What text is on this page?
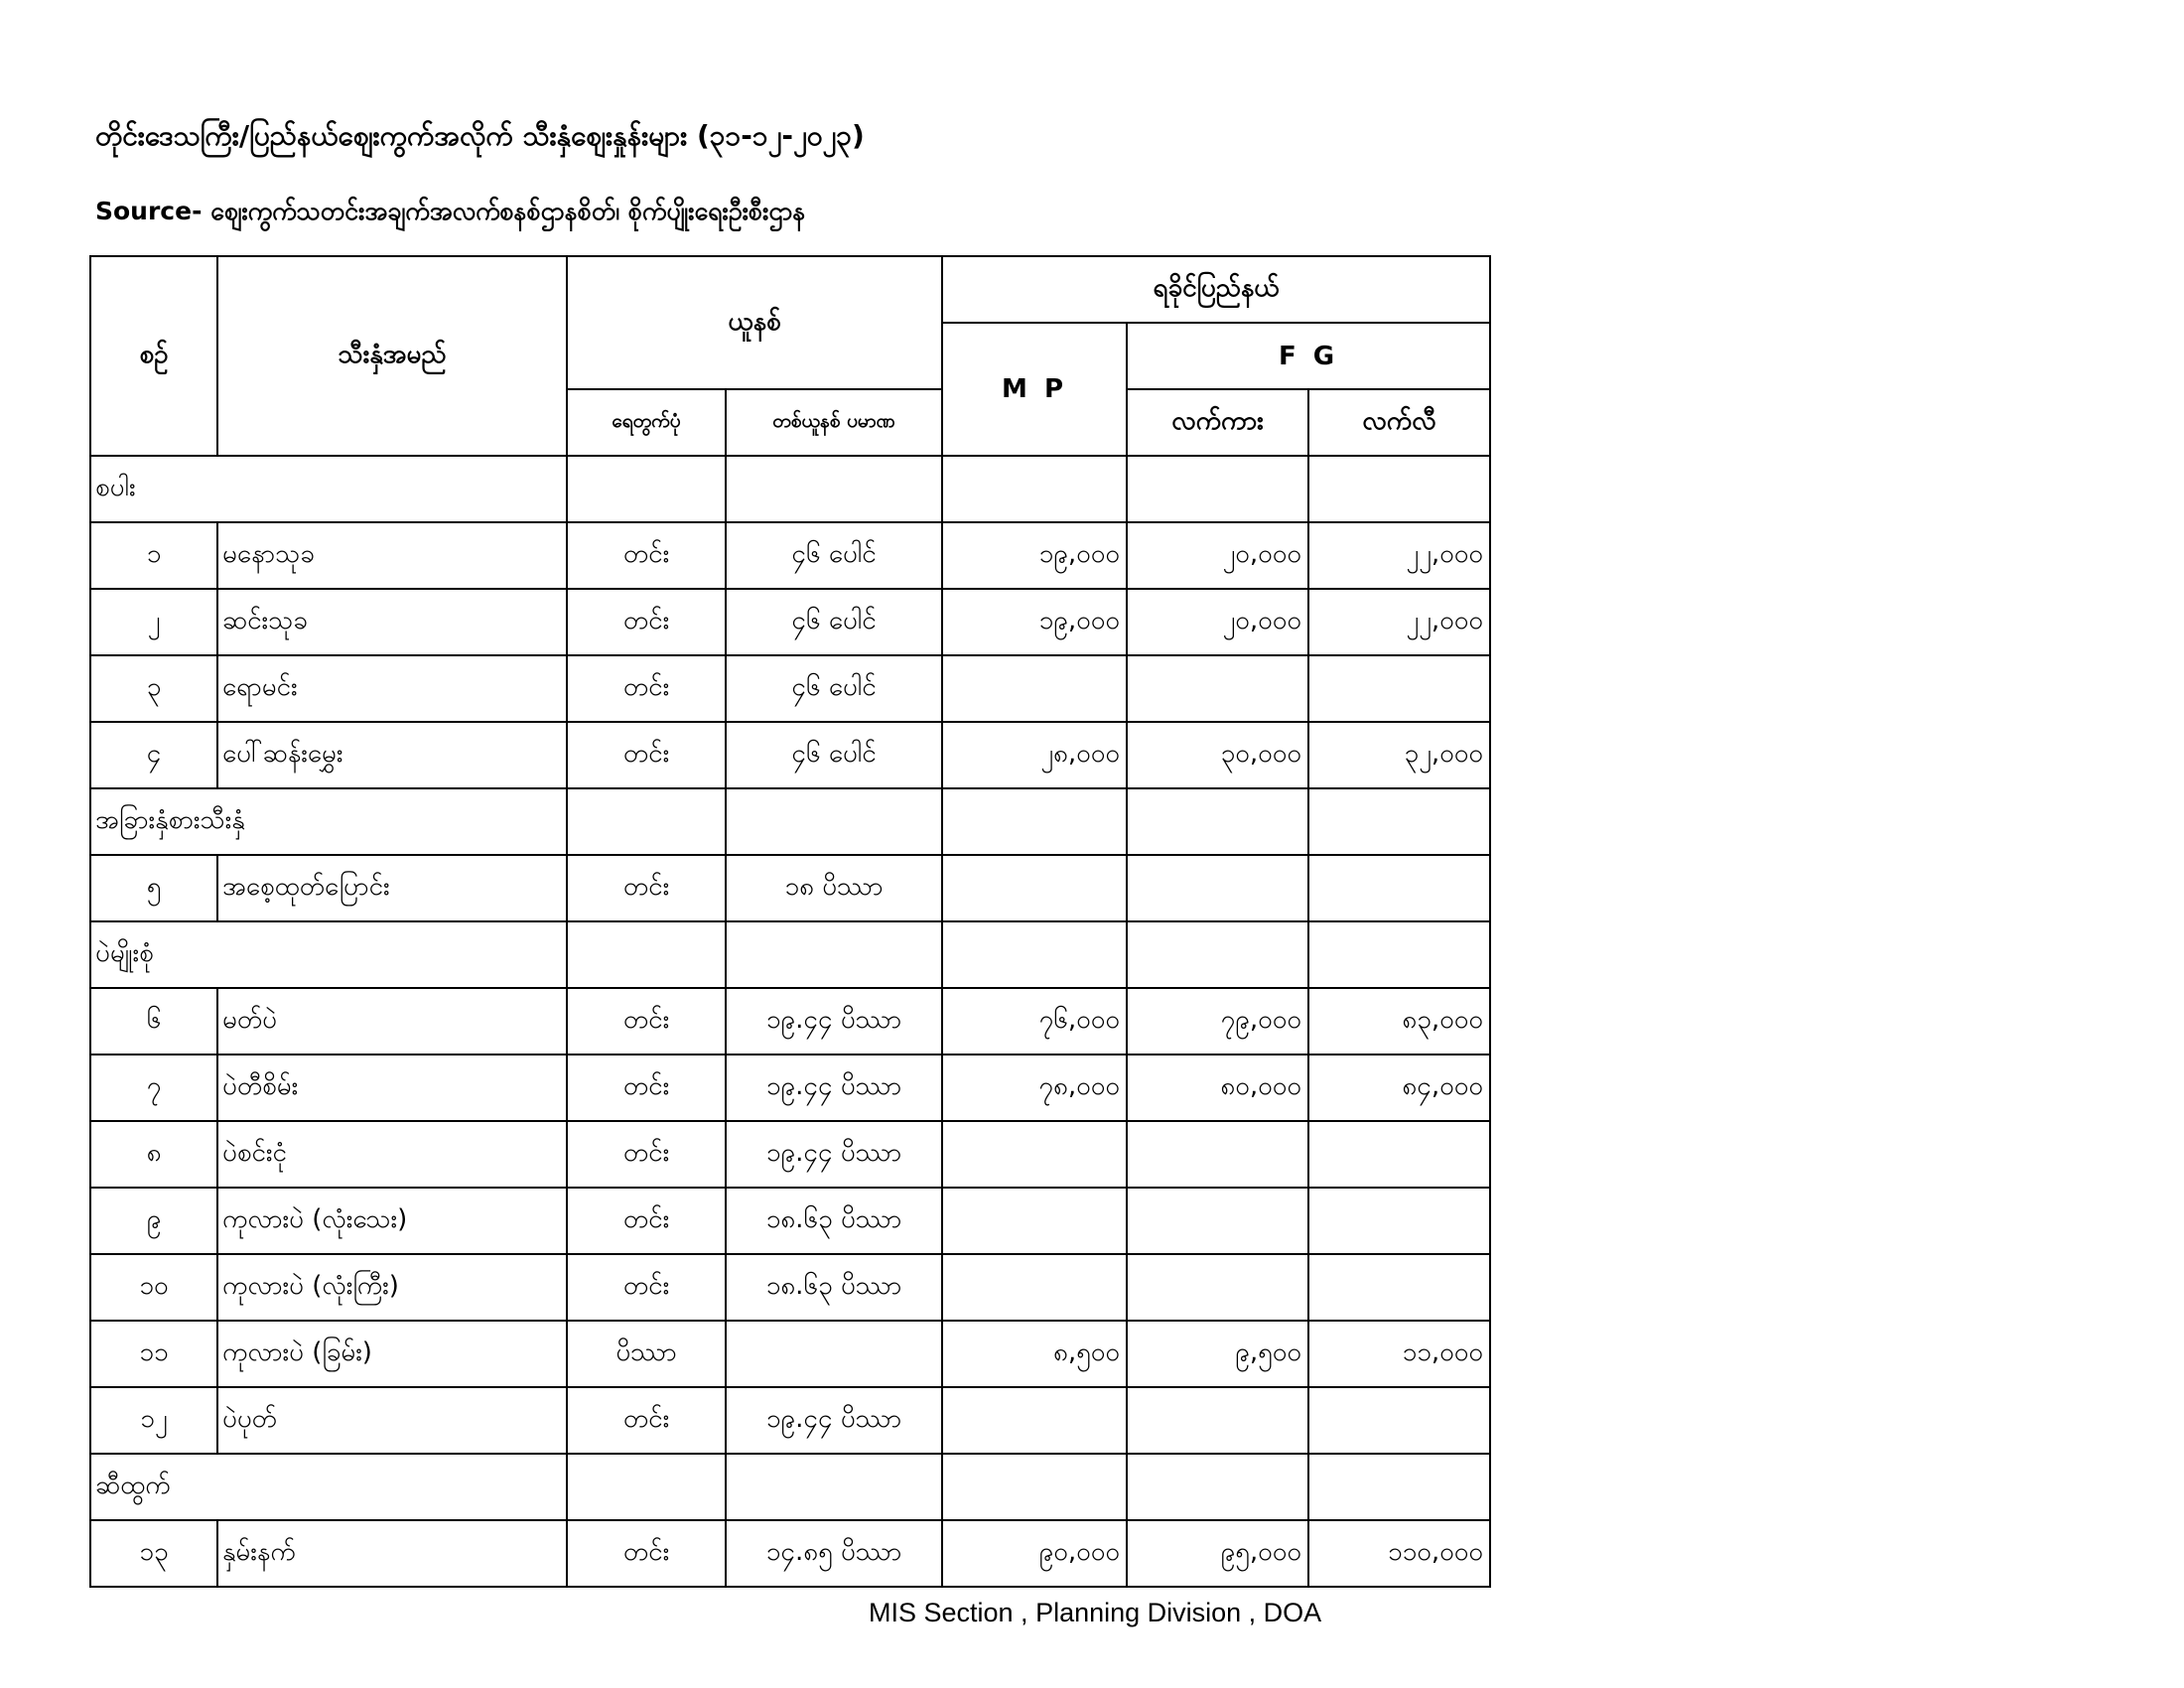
တိုင်းဒေသကြီး/ပြည်နယ်ဈေးကွက်အလိုက် သီးနှံဈေးနှုန်းများ (၃၁-၁၂-၂၀၂၃)
Source- ဈေးကွက်သတင်းအချက်အလက်စနစ်ဌာနစိတ်၊ စိုက်ပျိုးရေးဦးစီးဌာန
စဉ်	သီးနှံအမည်	ယူနစ်		ရခိုင်ပြည်နယ်		
				M P	F G	
		ရေတွက်ပုံ	တစ်ယူနစ် ပမာဏ		လက်ကား	လက်လီ
စပါး						
၁	မနောသုခ	တင်း	၄၆ ပေါင်	၁၉,၀၀၀	၂၀,၀၀၀	၂၂,၀၀၀
၂	ဆင်းသုခ	တင်း	၄၆ ပေါင်	၁၉,၀၀၀	၂၀,၀၀၀	၂၂,၀၀၀
၃	ရောမင်း	တင်း	၄၆ ပေါင်			
၄	ပေါ်ဆန်းမွှေး	တင်း	၄၆ ပေါင်	၂၈,၀၀၀	၃၀,၀၀၀	၃၂,၀၀၀
အခြားနှံစားသီးနှံ						
၅	အစေ့ထုတ်ပြောင်း	တင်း	၁၈ ပိဿာ			
ပဲမျိုးစုံ						
၆	မတ်ပဲ	တင်း	၁၉.၄၄ ပိဿာ	၇၆,၀၀၀	၇၉,၀၀၀	၈၃,၀၀၀
၇	ပဲတီစိမ်း	တင်း	၁၉.၄၄ ပိဿာ	၇၈,၀၀၀	၈၀,၀၀၀	၈၄,၀၀၀
၈	ပဲစင်းငုံ	တင်း	၁၉.၄၄ ပိဿာ			
၉	ကုလားပဲ (လုံးသေး)	တင်း	၁၈.၆၃ ပိဿာ			
၁၀	ကုလားပဲ (လုံးကြီး)	တင်း	၁၈.၆၃ ပိဿာ			
၁၁	ကုလားပဲ (ခြမ်း)	ပိဿာ		၈,၅၀၀	၉,၅၀၀	၁၁,၀၀၀
၁၂	ပဲပုတ်	တင်း	၁၉.၄၄ ပိဿာ			
ဆီထွက်						
၁၃	နှမ်းနက်	တင်း	၁၄.၈၅ ပိဿာ	၉၀,၀၀၀	၉၅,၀၀၀	၁၁၀,၀၀၀
MIS Section , Planning Division , DOA
